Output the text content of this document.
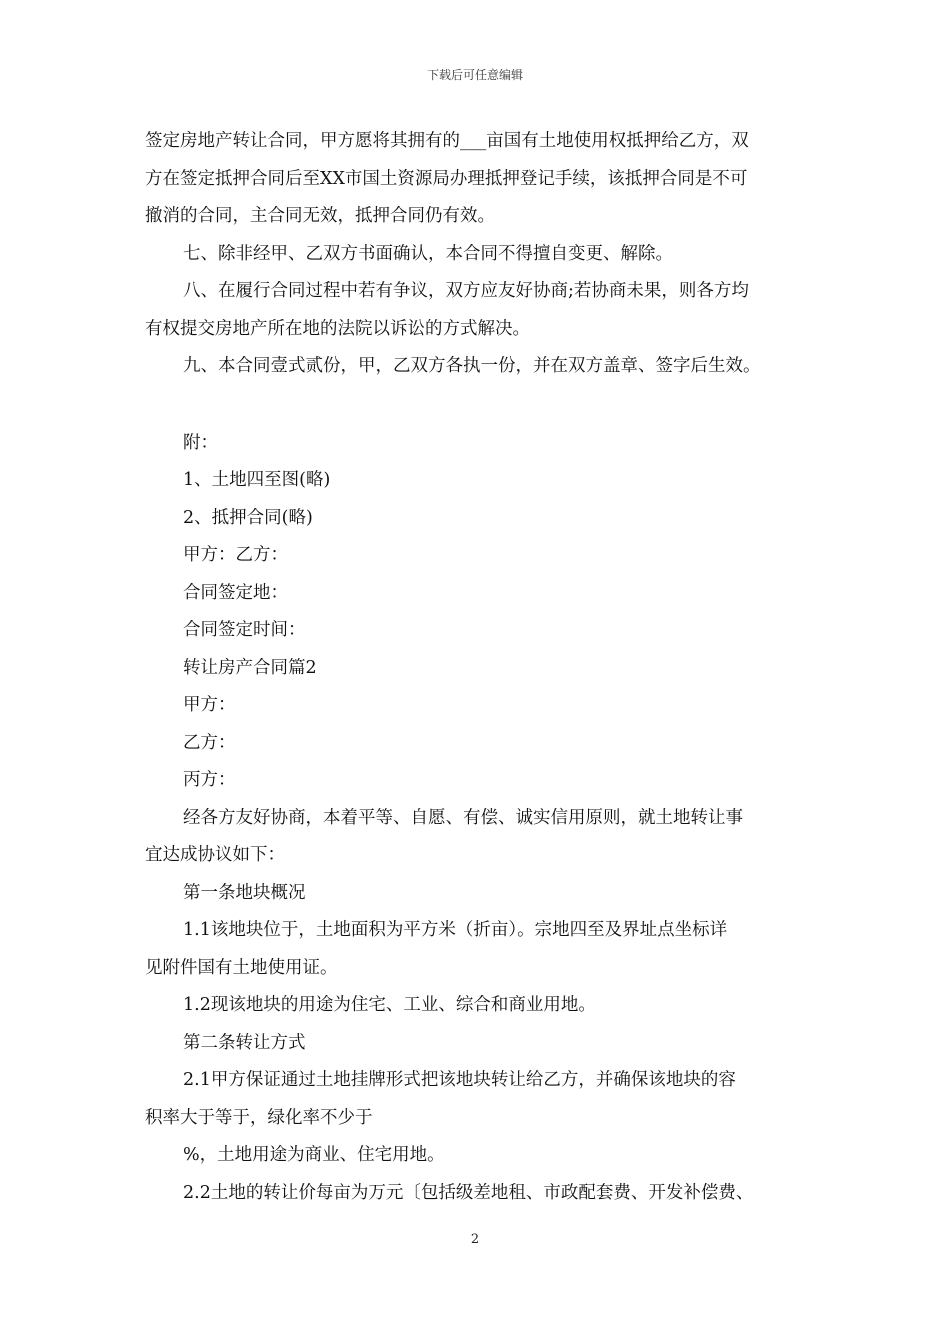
下载后可任意编辑
签定房地产转让合同，甲方愿将其拥有的___亩国有土地使用权抵押给乙方，双
方在签定抵押合同后至XX市国土资源局办理抵押登记手续，该抵押合同是不可
撤消的合同，主合同无效，抵押合同仍有效。
七、除非经甲、乙双方书面确认，本合同不得擅自变更、解除。
八、在履行合同过程中若有争议，双方应友好协商;若协商未果，则各方均
有权提交房地产所在地的法院以诉讼的方式解决。
九、本合同壹式贰份，甲，乙双方各执一份，并在双方盖章、签字后生效。
附：
1、土地四至图(略)
2、抵押合同(略)
甲方：乙方：
合同签定地：
合同签定时间：
转让房产合同篇2
甲方：
乙方：
丙方：
经各方友好协商，本着平等、自愿、有偿、诚实信用原则，就土地转让事
宜达成协议如下：
第一条地块概况
1.1该地块位于，土地面积为平方米（折亩）。宗地四至及界址点坐标详
见附件国有土地使用证。
1.2现该地块的用途为住宅、工业、综合和商业用地。
第二条转让方式
2.1甲方保证通过土地挂牌形式把该地块转让给乙方，并确保该地块的容
积率大于等于，绿化率不少于
%，土地用途为商业、住宅用地。
2.2土地的转让价每亩为万元〔包括级差地租、市政配套费、开发补偿费、
2
